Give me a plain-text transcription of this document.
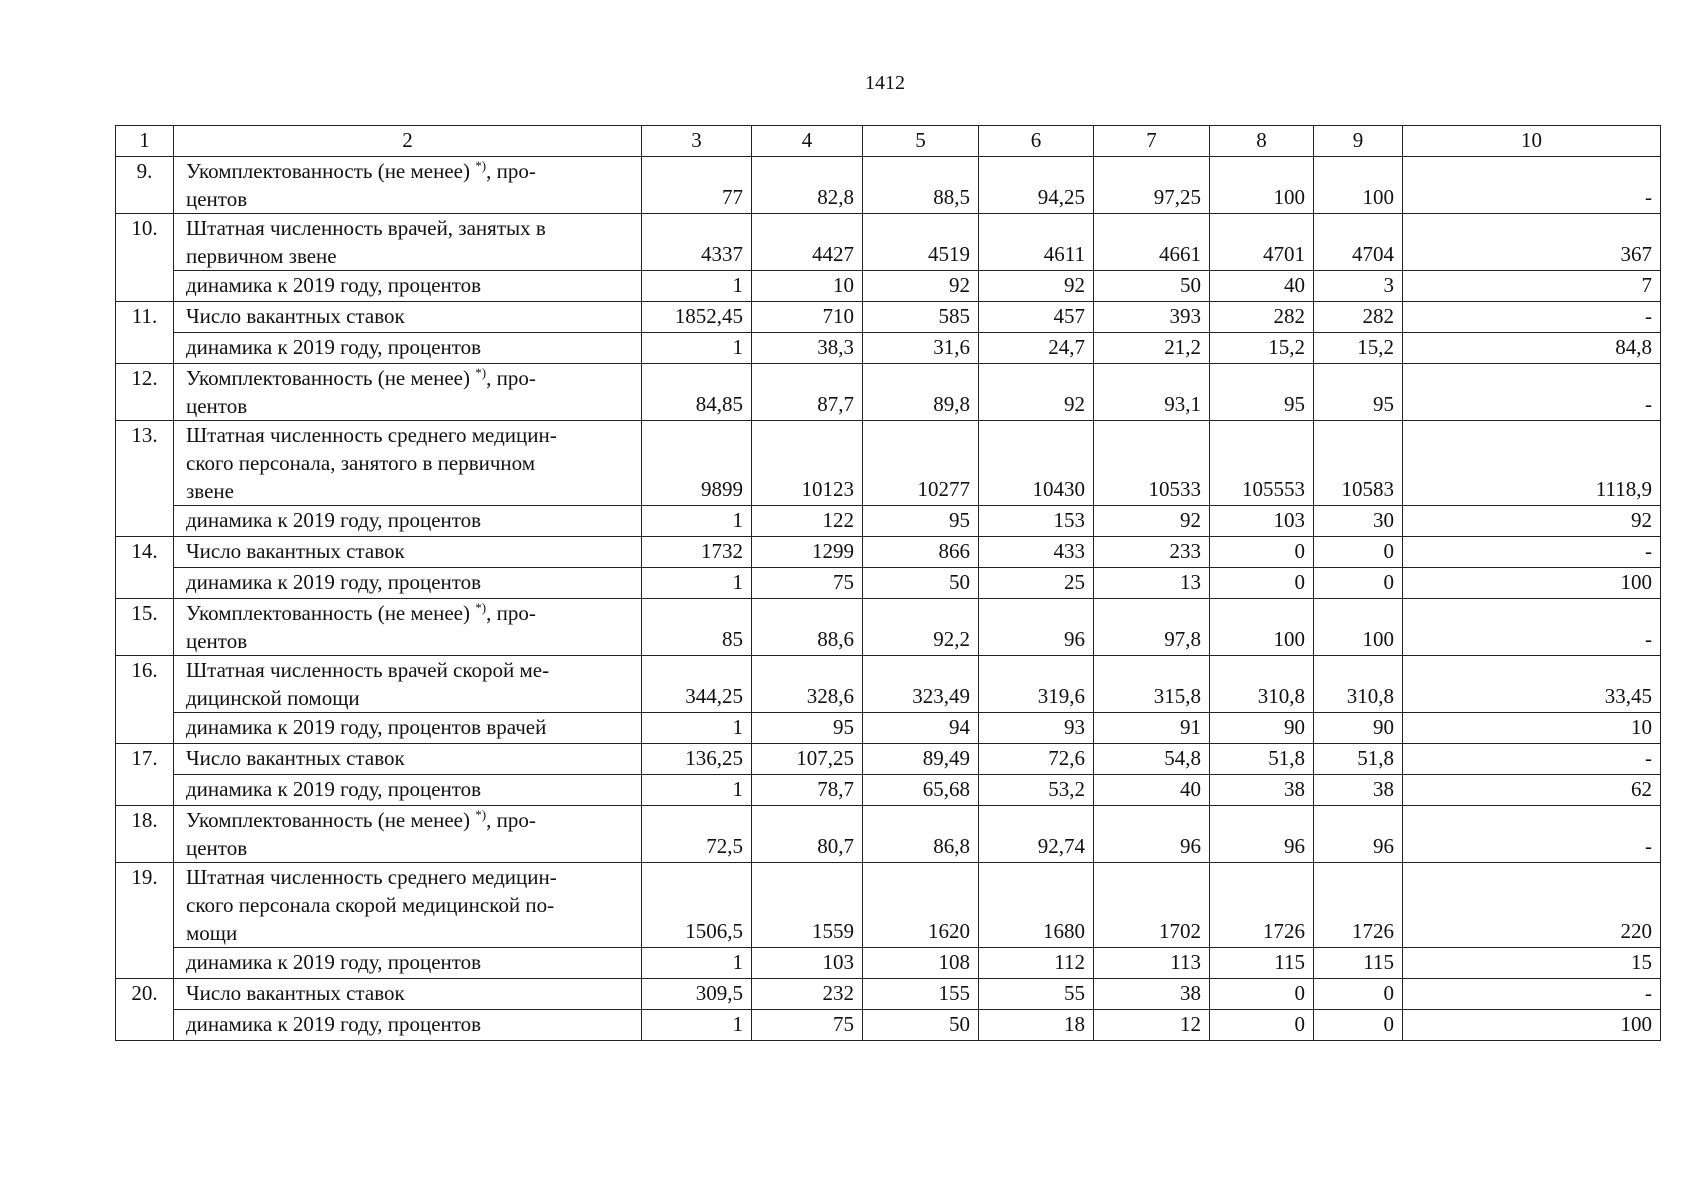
1412
1	2	3	4	5	6	7	8	9	10
9.	Укомплектованность (не менее) *), про-
центов	77	82,8	88,5	94,25	97,25	100	100	-
10.	Штатная численность врачей, занятых в
первичном звене	4337	4427	4519	4611	4661	4701	4704	367

	динамика к 2019 году, процентов	1	10	92	92	50	40	3	7
11.	Число вакантных ставок	1852,45	710	585	457	393	282	282	-

	динамика к 2019 году, процентов	1	38,3	31,6	24,7	21,2	15,2	15,2	84,8
12.	Укомплектованность (не менее) *), про-
центов	84,85	87,7	89,8	92	93,1	95	95	-
13.	Штатная численность среднего медицин-
ского персонала, занятого в первичном
звене	9899	10123	10277	10430	10533	105553	10583	1118,9

	динамика к 2019 году, процентов	1	122	95	153	92	103	30	92
14.	Число вакантных ставок	1732	1299	866	433	233	0	0	-

	динамика к 2019 году, процентов	1	75	50	25	13	0	0	100
15.	Укомплектованность (не менее) *), про-
центов	85	88,6	92,2	96	97,8	100	100	-
16.	Штатная численность врачей скорой ме-
дицинской помощи	344,25	328,6	323,49	319,6	315,8	310,8	310,8	33,45

	динамика к 2019 году, процентов врачей	1	95	94	93	91	90	90	10
17.	Число вакантных ставок	136,25	107,25	89,49	72,6	54,8	51,8	51,8	-

	динамика к 2019 году, процентов	1	78,7	65,68	53,2	40	38	38	62
18.	Укомплектованность (не менее) *), про-
центов	72,5	80,7	86,8	92,74	96	96	96	-
19.	Штатная численность среднего медицин-
ского персонала скорой медицинской по-
мощи	1506,5	1559	1620	1680	1702	1726	1726	220

	динамика к 2019 году, процентов	1	103	108	112	113	115	115	15
20.	Число вакантных ставок	309,5	232	155	55	38	0	0	-

	динамика к 2019 году, процентов	1	75	50	18	12	0	0	100
